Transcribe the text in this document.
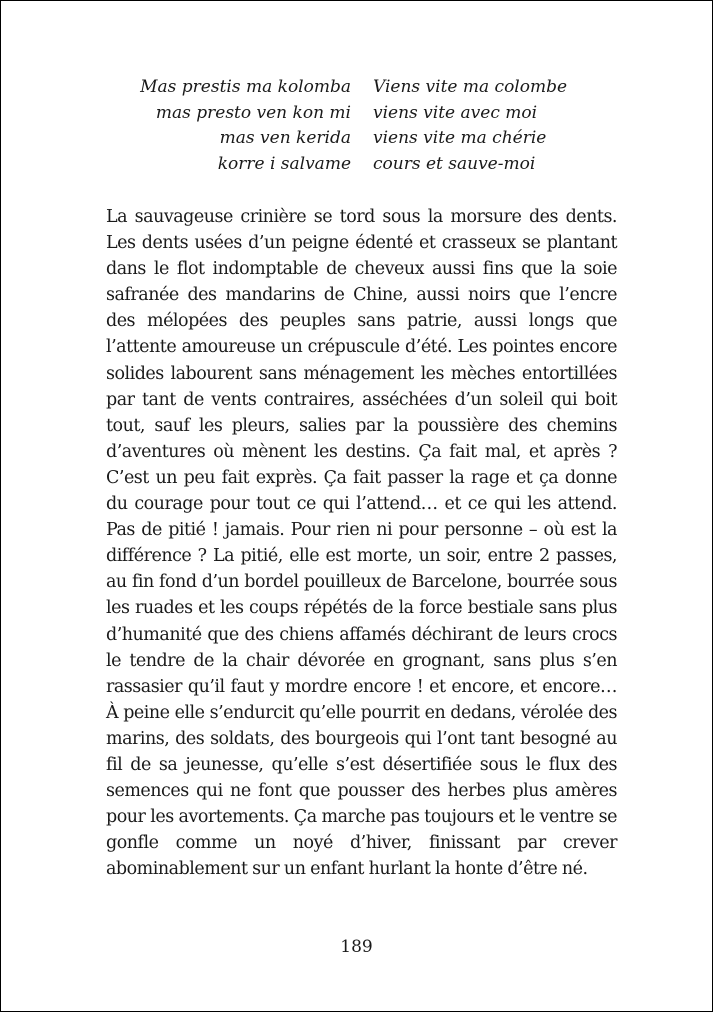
Mas prestis ma kolomba
mas presto ven kon mi
mas ven kerida
korre i salvame
Viens vite ma colombe
viens vite avec moi
viens vite ma chérie
cours et sauve-moi

La sauvageuse crinière se tord sous la morsure des dents. Les dents usées d’un peigne édenté et crasseux se plantant dans le flot indomptable de cheveux aussi fins que la soie safranée des mandarins de Chine, aussi noirs que l’encre des mélopées des peuples sans patrie, aussi longs que l’attente amoureuse un crépuscule d’été. Les pointes encore solides labourent sans ménagement les mèches entortillées par tant de vents contraires, asséchées d’un soleil qui boit tout, sauf les pleurs, salies par la poussière des chemins d’aventures où mènent les destins. Ça fait mal, et après ? C’est un peu fait exprès. Ça fait passer la rage et ça donne du courage pour tout ce qui l’attend… et ce qui les attend. Pas de pitié ! jamais. Pour rien ni pour personne – où est la différence ? La pitié, elle est morte, un soir, entre 2 passes, au fin fond d’un bordel pouilleux de Barcelone, bourrée sous les ruades et les coups répétés de la force bestiale sans plus d’humanité que des chiens affamés déchirant de leurs crocs le tendre de la chair dévorée en grognant, sans plus s’en rassasier qu’il faut y mordre encore ! et encore, et encore… À peine elle s’endurcit qu’elle pourrit en dedans, vérolée des marins, des soldats, des bourgeois qui l’ont tant besogné au fil de sa jeunesse, qu’elle s’est désertifiée sous le flux des semences qui ne font que pousser des herbes plus amères pour les avortements. Ça marche pas toujours et le ventre se gonfle comme un noyé d’hiver, finissant par crever abominablement sur un enfant hurlant la honte d’être né.

189
